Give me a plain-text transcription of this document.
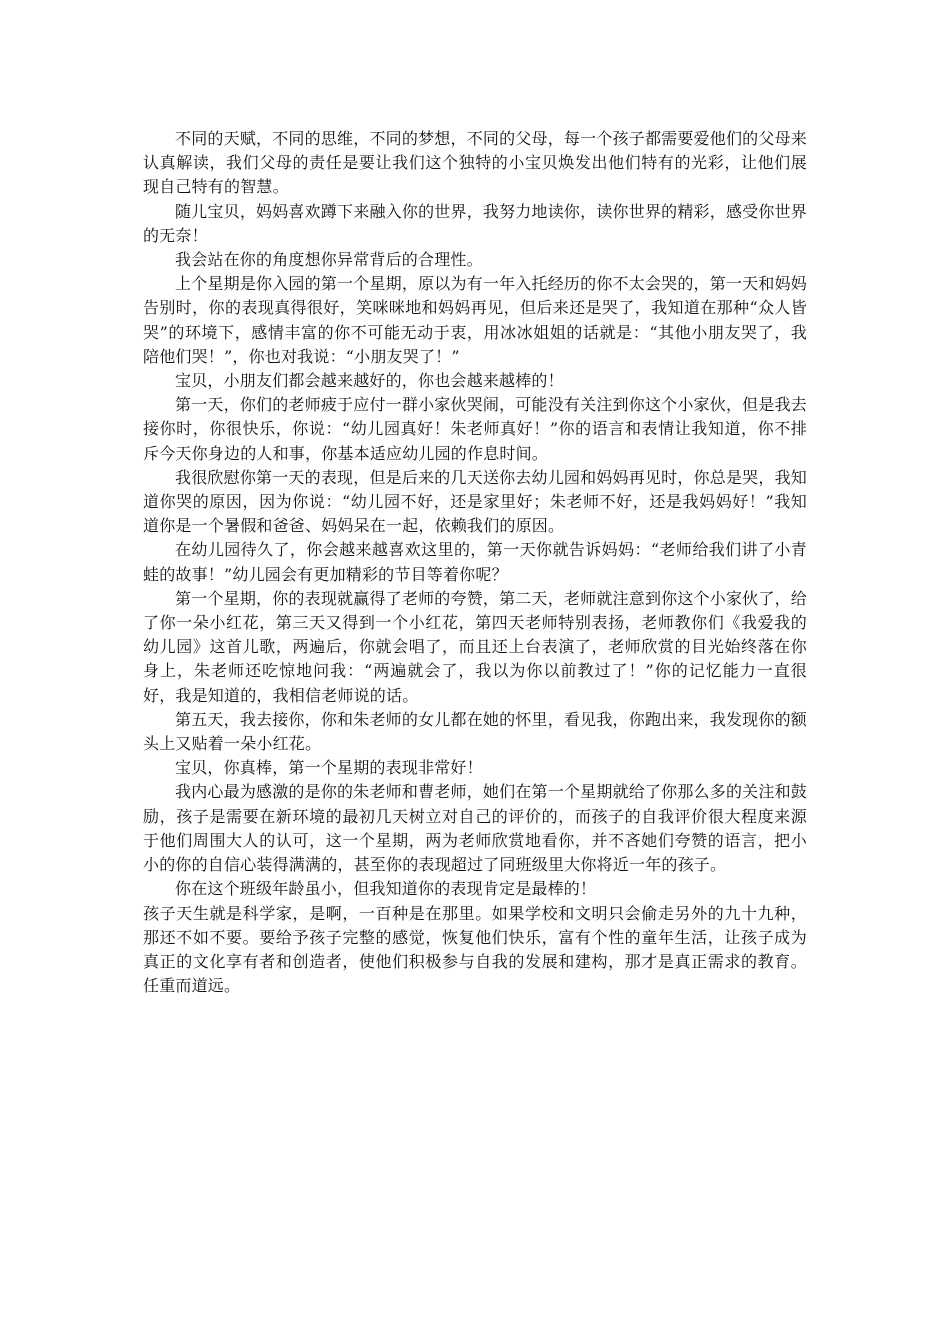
不同的天赋，不同的思维，不同的梦想，不同的父母，每一个孩子都需要爱他们的父母来认真解读，我们父母的责任是要让我们这个独特的小宝贝焕发出他们特有的光彩，让他们展现自己特有的智慧。

随儿宝贝，妈妈喜欢蹲下来融入你的世界，我努力地读你，读你世界的精彩，感受你世界的无奈！

我会站在你的角度想你异常背后的合理性。

上个星期是你入园的第一个星期，原以为有一年入托经历的你不太会哭的，第一天和妈妈告别时，你的表现真得很好，笑咪咪地和妈妈再见，但后来还是哭了，我知道在那种“众人皆哭”的环境下，感情丰富的你不可能无动于衷，用冰冰姐姐的话就是：“其他小朋友哭了，我陪他们哭！”，你也对我说：“小朋友哭了！”

宝贝，小朋友们都会越来越好的，你也会越来越棒的！

第一天，你们的老师疲于应付一群小家伙哭闹，可能没有关注到你这个小家伙，但是我去接你时，你很快乐，你说：“幼儿园真好！朱老师真好！”你的语言和表情让我知道，你不排斥今天你身边的人和事，你基本适应幼儿园的作息时间。

我很欣慰你第一天的表现，但是后来的几天送你去幼儿园和妈妈再见时，你总是哭，我知道你哭的原因，因为你说：“幼儿园不好，还是家里好；朱老师不好，还是我妈妈好！”我知道你是一个暑假和爸爸、妈妈呆在一起，依赖我们的原因。

在幼儿园待久了，你会越来越喜欢这里的，第一天你就告诉妈妈：“老师给我们讲了小青蛙的故事！”幼儿园会有更加精彩的节目等着你呢？

第一个星期，你的表现就赢得了老师的夸赞，第二天，老师就注意到你这个小家伙了，给了你一朵小红花，第三天又得到一个小红花，第四天老师特别表扬，老师教你们《我爱我的幼儿园》这首儿歌，两遍后，你就会唱了，而且还上台表演了，老师欣赏的目光始终落在你身上，朱老师还吃惊地问我：“两遍就会了，我以为你以前教过了！”你的记忆能力一直很好，我是知道的，我相信老师说的话。

第五天，我去接你，你和朱老师的女儿都在她的怀里，看见我，你跑出来，我发现你的额头上又贴着一朵小红花。

宝贝，你真棒，第一个星期的表现非常好！

我内心最为感激的是你的朱老师和曹老师，她们在第一个星期就给了你那么多的关注和鼓励，孩子是需要在新环境的最初几天树立对自己的评价的，而孩子的自我评价很大程度来源于他们周围大人的认可，这一个星期，两为老师欣赏地看你，并不吝她们夸赞的语言，把小小的你的自信心装得满满的，甚至你的表现超过了同班级里大你将近一年的孩子。

你在这个班级年龄虽小，但我知道你的表现肯定是最棒的！

孩子天生就是科学家，是啊，一百种是在那里。如果学校和文明只会偷走另外的九十九种，那还不如不要。要给予孩子完整的感觉，恢复他们快乐，富有个性的童年生活，让孩子成为真正的文化享有者和创造者，使他们积极参与自我的发展和建构，那才是真正需求的教育。任重而道远。
